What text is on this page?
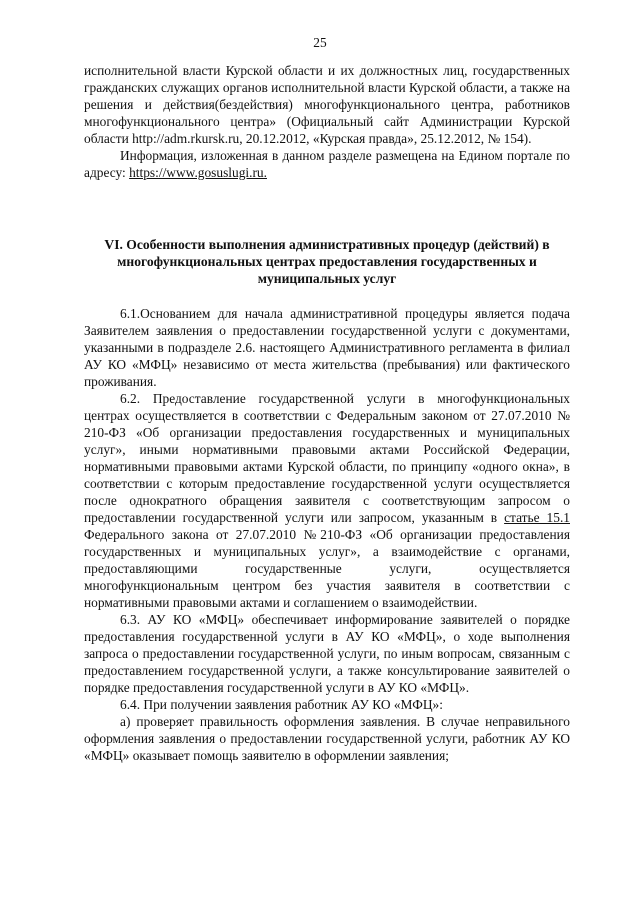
25

исполнительной власти Курской области и их должностных лиц, государственных гражданских служащих органов исполнительной власти Курской области, а также на решения и действия(бездействия) многофункционального центра, работников многофункционального центра» (Официальный сайт Администрации Курской области http://adm.rkursk.ru, 20.12.2012, «Курская правда», 25.12.2012, № 154).

Информация, изложенная в данном разделе размещена на Едином портале по адресу: https://www.gosuslugi.ru.

VI. Особенности выполнения административных процедур (действий) в многофункциональных центрах предоставления государственных и муниципальных услуг

6.1.Основанием для начала административной процедуры является подача Заявителем заявления о предоставлении государственной услуги с документами, указанными в подразделе 2.6. настоящего Административного регламента в филиал АУ КО «МФЦ» независимо от места жительства (пребывания) или фактического проживания.

6.2. Предоставление государственной услуги в многофункциональных центрах осуществляется в соответствии с Федеральным законом от 27.07.2010 № 210-ФЗ «Об организации предоставления государственных и муниципальных услуг», иными нормативными правовыми актами Российской Федерации, нормативными правовыми актами Курской области, по принципу «одного окна», в соответствии с которым предоставление государственной услуги осуществляется после однократного обращения заявителя с соответствующим запросом о предоставлении государственной услуги или запросом, указанным в статье 15.1 Федерального закона от 27.07.2010 №210-ФЗ «Об организации предоставления государственных и муниципальных услуг», а взаимодействие с органами, предоставляющими государственные услуги, осуществляется многофункциональным центром без участия заявителя в соответствии с нормативными правовыми актами и соглашением о взаимодействии.

6.3. АУ КО «МФЦ» обеспечивает информирование заявителей о порядке предоставления государственной услуги в АУ КО «МФЦ», о ходе выполнения запроса о предоставлении государственной услуги, по иным вопросам, связанным с предоставлением государственной услуги, а также консультирование заявителей о порядке предоставления государственной услуги в АУ КО «МФЦ».

6.4. При получении заявления работник АУ КО «МФЦ»:

а) проверяет правильность оформления заявления. В случае неправильного оформления заявления о предоставлении государственной услуги, работник АУ КО «МФЦ» оказывает помощь заявителю в оформлении заявления;
